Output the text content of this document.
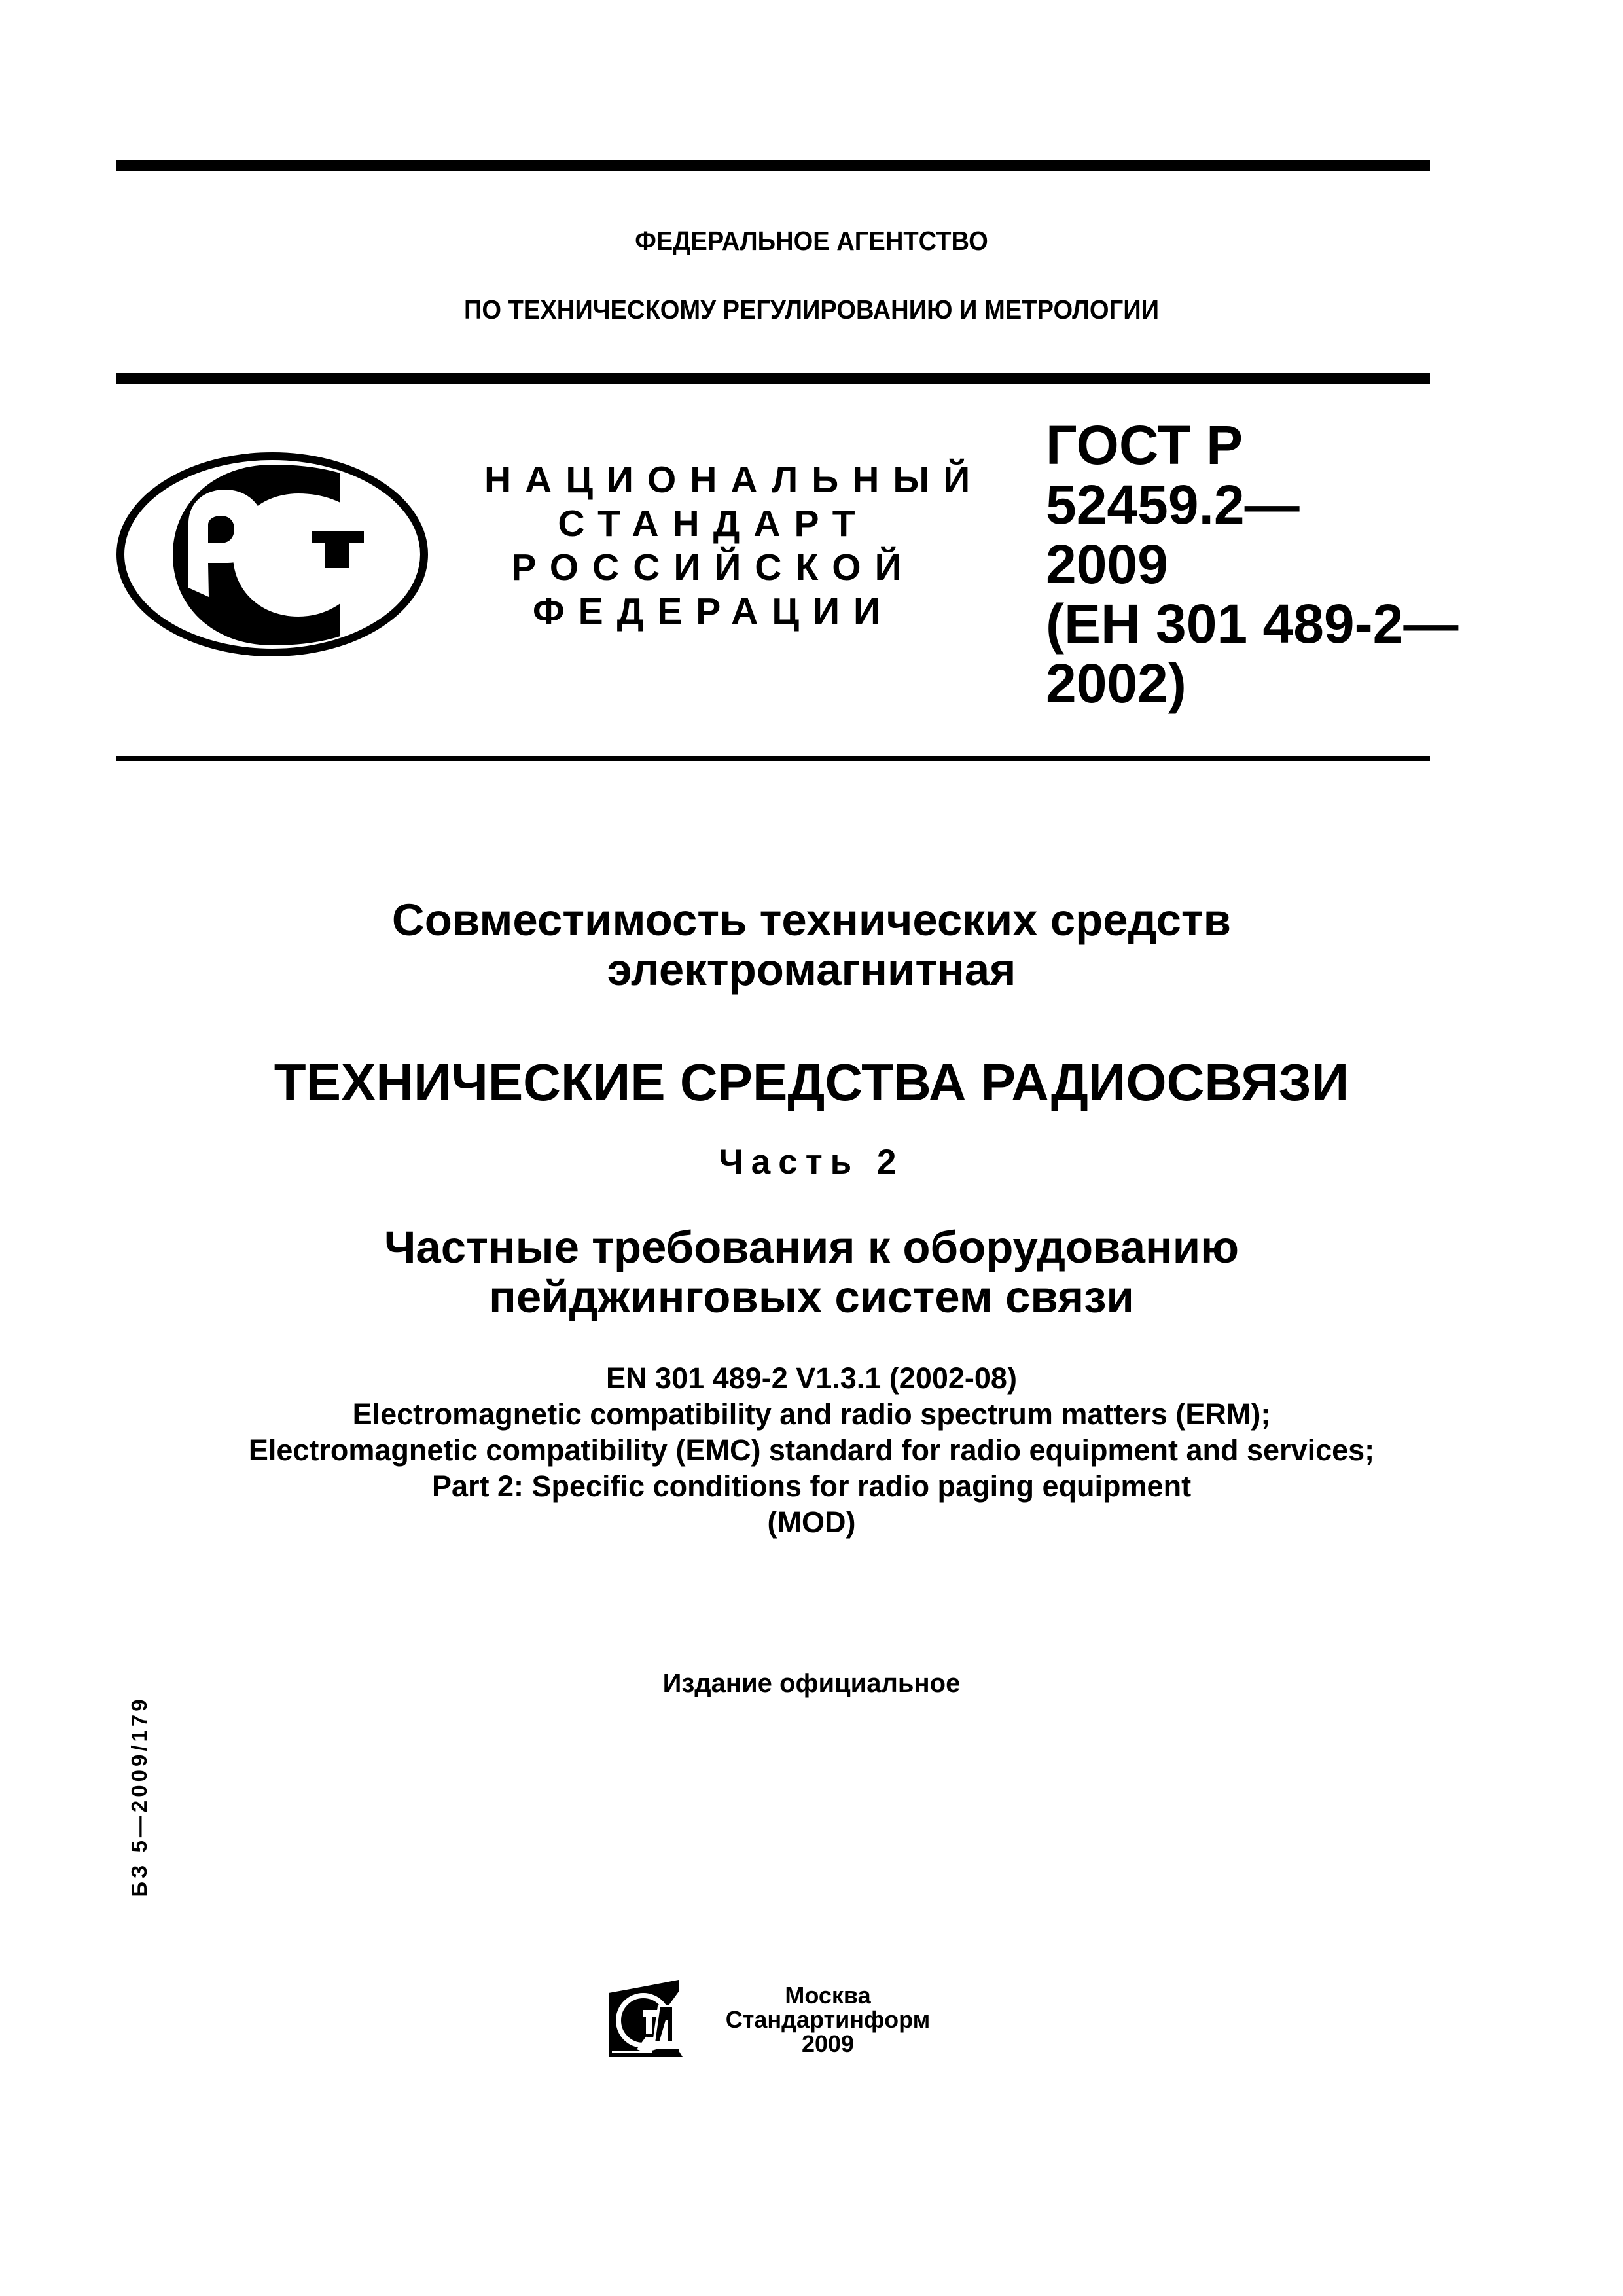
ФЕДЕРАЛЬНОЕ АГЕНТСТВО
ПО ТЕХНИЧЕСКОМУ РЕГУЛИРОВАНИЮ И МЕТРОЛОГИИ
НАЦИОНАЛЬНЫЙ
СТАНДАРТ
РОССИЙСКОЙ
ФЕДЕРАЦИИ
ГОСТ Р
52459.2—
2009
(ЕН 301 489-2—
2002)
Совместимость технических средств
электромагнитная
ТЕХНИЧЕСКИЕ СРЕДСТВА РАДИОСВЯЗИ
Часть 2
Частные требования к оборудованию
пейджинговых систем связи
EN 301 489-2 V1.3.1 (2002-08)
Electromagnetic compatibility and radio spectrum matters (ERM);
Electromagnetic compatibility (EMC) standard for radio equipment and services;
Part 2: Specific conditions for radio paging equipment
(MOD)
Издание официальное
БЗ 5—2009/179
Москва
Стандартинформ
2009
